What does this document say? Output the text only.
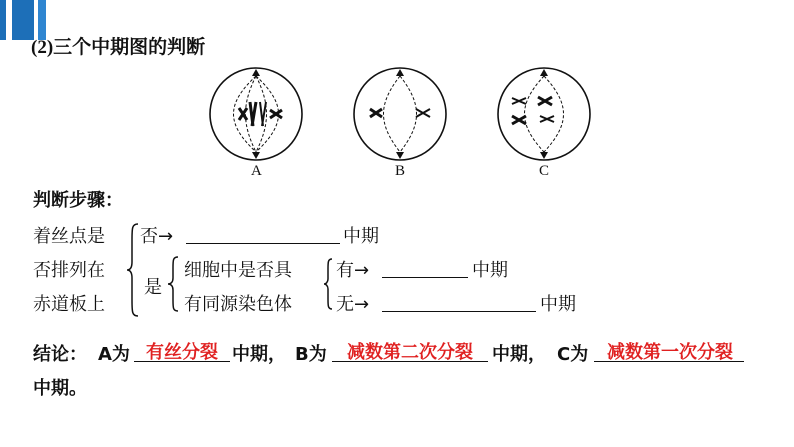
(2)三个中期图的判断
A	B	C
判断步骤：
着丝点是
否排列在
赤道板上
否→	中期
是
细胞中是否具
有同源染色体
有→	中期
无→	中期
结论： A为 有丝分裂 中期， B为	减数第二次分裂	中期， C为	减数第一次分裂
中期。
